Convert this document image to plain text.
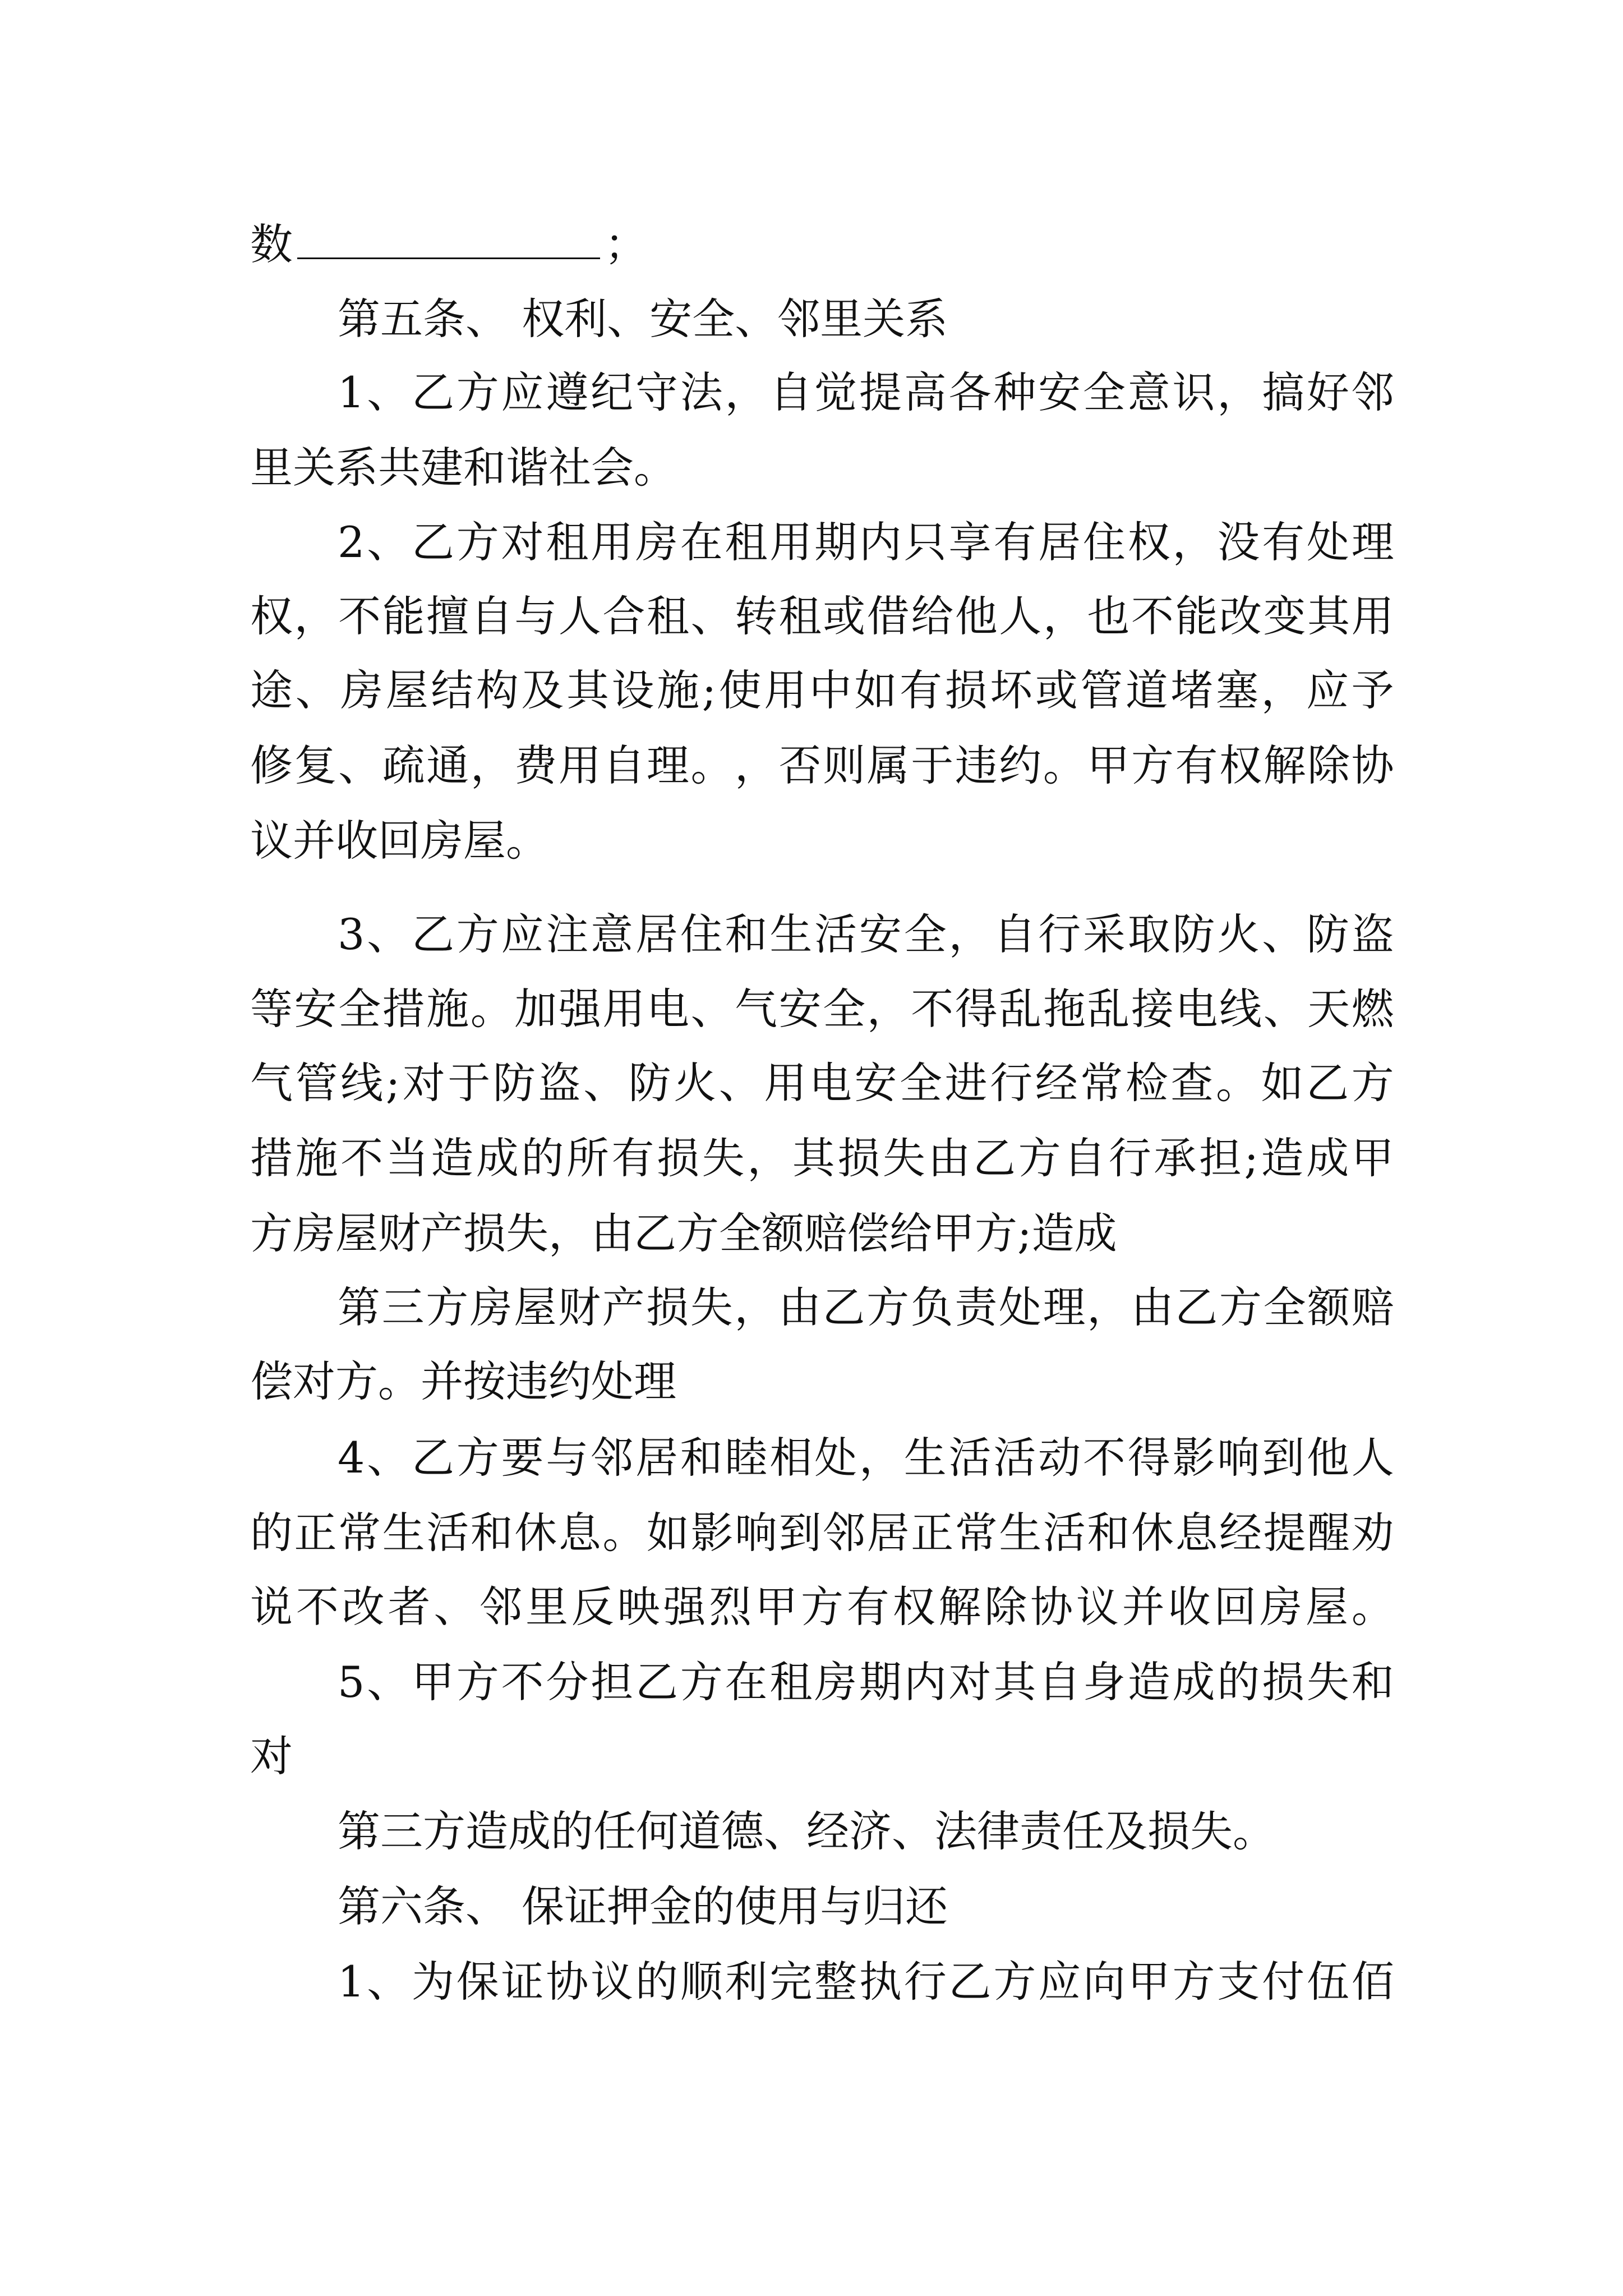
数	；

第五条、 权利、安全、邻里关系

1 、 乙 方 应 遵 纪 守 法 ， 自 觉 提 高 各 种 安 全 意 识 ， 搞 好 邻

里关系共建和谐社会。

2 、 乙 方 对 租 用 房 在 租 用 期 内 只 享 有 居 住 权 ， 没 有 处 理

权 ， 不 能 擅 自 与 人 合 租 、 转 租 或 借 给 他 人 ， 也 不 能 改 变 其 用

途 、 房 屋 结 构 及 其 设 施 ; 使 用 中 如 有 损 坏 或 管 道 堵 塞 ， 应 予

修 复 、 疏 通 ， 费 用 自 理 。 ， 否 则 属 于 违 约 。 甲 方 有 权 解 除 协

议并收回房屋。

3 、 乙 方 应 注 意 居 住 和 生 活 安 全 ， 自 行 采 取 防 火 、 防 盗

等 安 全 措 施 。 加 强 用 电 、 气 安 全 ， 不 得 乱 拖 乱 接 电 线 、 天 燃

气 管 线 ; 对 于 防 盗 、 防 火 、 用 电 安 全 进 行 经 常 检 查 。 如 乙 方

措 施 不 当 造 成 的 所 有 损 失 ， 其 损 失 由 乙 方 自 行 承 担 ; 造 成 甲

方房屋财产损失，由乙方全额赔偿给甲方;造成

第 三 方 房 屋 财 产 损 失 ， 由 乙 方 负 责 处 理 ， 由 乙 方 全 额 赔

偿对方。并按违约处理

4 、 乙 方 要 与 邻 居 和 睦 相 处 ， 生 活 活 动 不 得 影 响 到 他 人

的 正 常 生 活 和 休 息 。 如 影 响 到 邻 居 正 常 生 活 和 休 息 经 提 醒 劝

说 不 改 者 、 邻 里 反 映 强 烈 甲 方 有 权 解 除 协 议 并 收 回 房 屋 。

5 、 甲 方 不 分 担 乙 方 在 租 房 期 内 对 其 自 身 造 成 的 损 失 和

对

第三方造成的任何道德、经济、法律责任及损失。

第六条、 保证押金的使用与归还

1 、 为 保 证 协 议 的 顺 利 完 整 执 行 乙 方 应 向 甲 方 支 付 伍 佰
